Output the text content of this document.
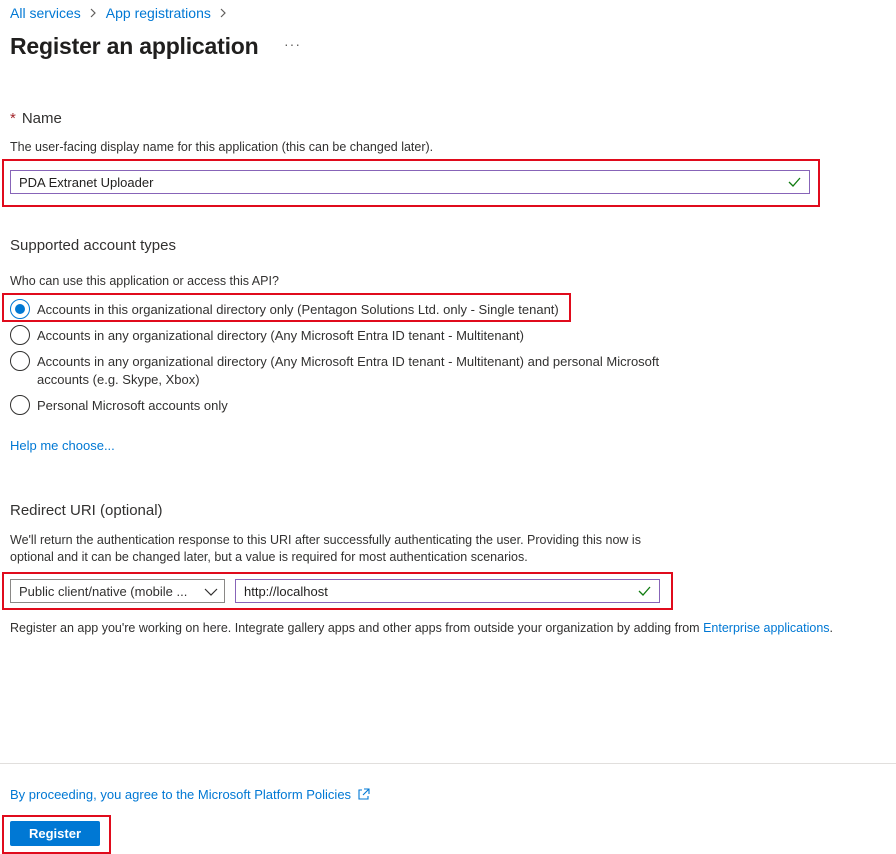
All services App registrations
Register an application ···
* Name
The user-facing display name for this application (this can be changed later).
PDA Extranet Uploader
Supported account types
Who can use this application or access this API?
Accounts in this organizational directory only (Pentagon Solutions Ltd. only - Single tenant)
Accounts in any organizational directory (Any Microsoft Entra ID tenant - Multitenant)
Accounts in any organizational directory (Any Microsoft Entra ID tenant - Multitenant) and personal Microsoft
accounts (e.g. Skype, Xbox)
Personal Microsoft accounts only
Help me choose...
Redirect URI (optional)
We'll return the authentication response to this URI after successfully authenticating the user. Providing this now is
optional and it can be changed later, but a value is required for most authentication scenarios.
Public client/native (mobile ...	http://localhost
Register an app you're working on here. Integrate gallery apps and other apps from outside your organization by adding from Enterprise applications.
By proceeding, you agree to the Microsoft Platform Policies
Register
